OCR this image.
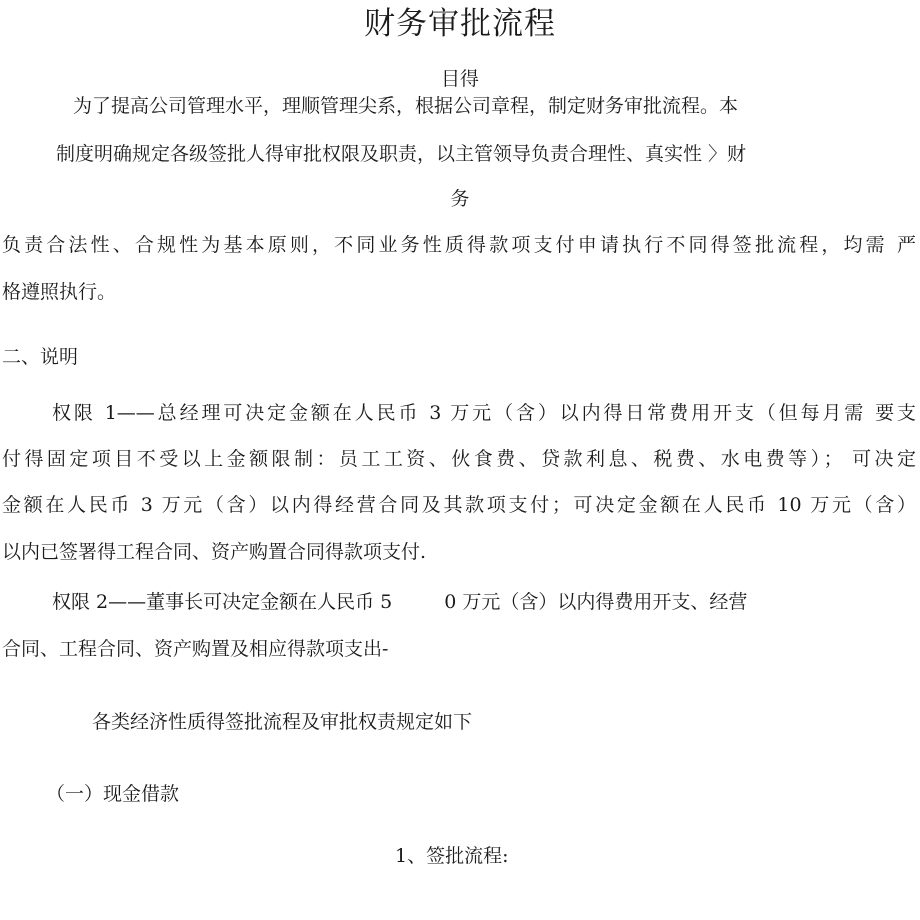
财务审批流程
目得
为了提高公司管理水平，理顺管理尖系，根据公司章程，制定财务审批流程。本
制度明确规定各级签批人得审批权限及职责，以主管领导负责合理性、真实性 〉财
务
负责合法性、合规性为基本原则，不同业务性质得款项支付申请执行不同得签批流程，均需 严
格遵照执行。
二、说明
权限 1——总经理可决定金额在人民币 3 万元（含）以内得日常费用开支（但每月需 要支
付得固定项目不受以上金额限制：员工工资、伙食费、贷款利息、税费、水电费等）； 可决定
金额在人民币 3 万元（含）以内得经营合同及其款项支付；可决定金额在人民币 10 万元（含）
以内已签署得工程合同、资产购置合同得款项支付.
权限 2——董事长可决定金额在人民币 5	0 万元（含）以内得费用开支、经营
合同、工程合同、资产购置及相应得款项支出-
各类经济性质得签批流程及审批权责规定如下
（一）现金借款
1、签批流程:
